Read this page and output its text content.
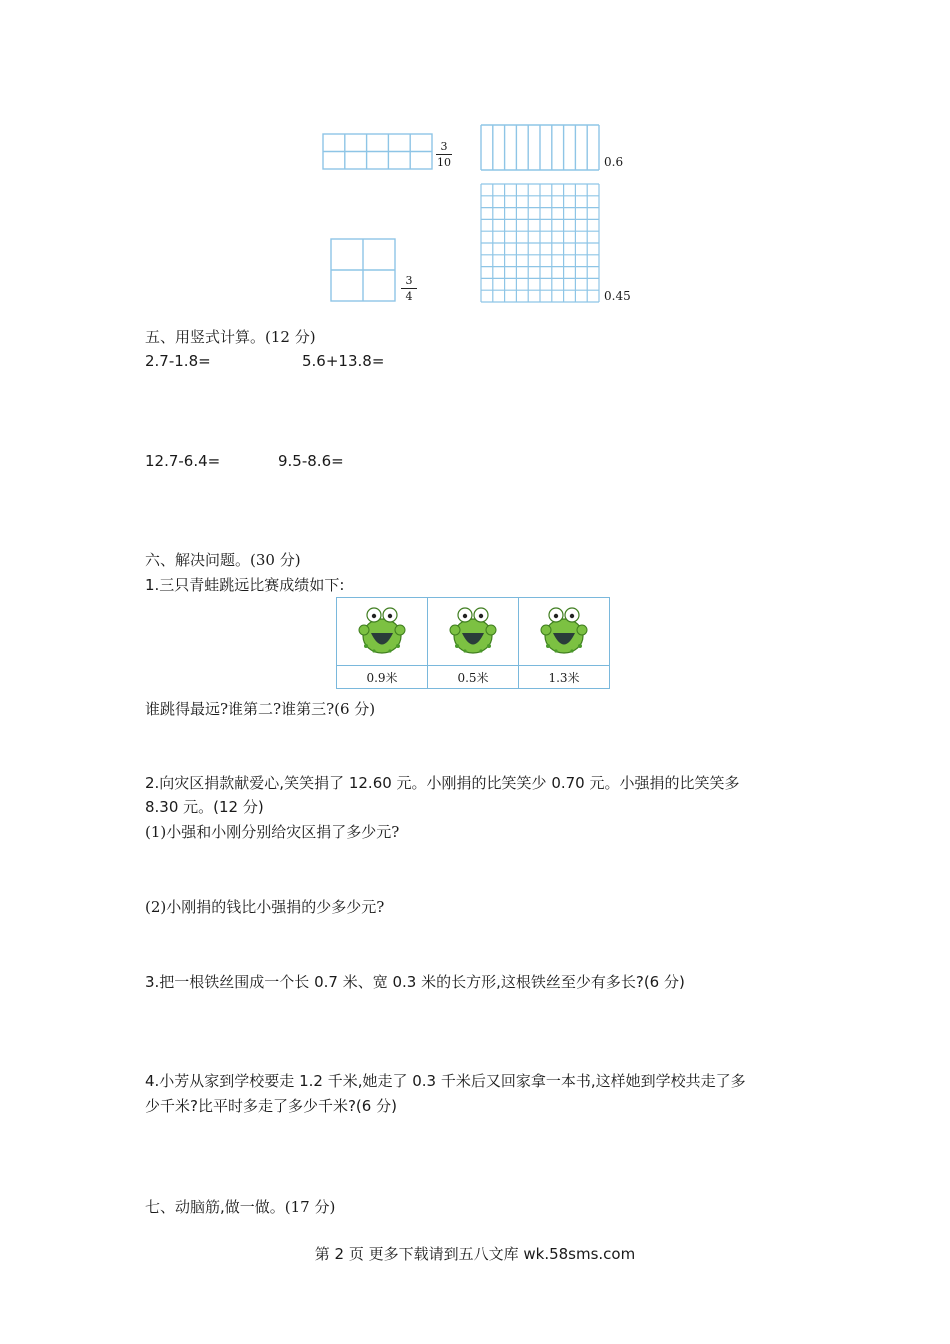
3
10	0.6
3
4	0.45
五、用竖式计算。(12 分)
2.7-1.8=	5.6+13.8=
12.7-6.4=	9.5-8.6=
六、解决问题。(30 分)
1.三只青蛙跳远比赛成绩如下:

0.9米	0.5米	1.3米
谁跳得最远?谁第二?谁第三?(6 分)
2.向灾区捐款献爱心,笑笑捐了 12.60 元。小刚捐的比笑笑少 0.70 元。小强捐的比笑笑多
8.30 元。(12 分)
(1)小强和小刚分别给灾区捐了多少元?
(2)小刚捐的钱比小强捐的少多少元?
3.把一根铁丝围成一个长 0.7 米、宽 0.3 米的长方形,这根铁丝至少有多长?(6 分)
4.小芳从家到学校要走 1.2 千米,她走了 0.3 千米后又回家拿一本书,这样她到学校共走了多
少千米?比平时多走了多少千米?(6 分)
七、动脑筋,做一做。(17 分)
第 2 页 更多下载请到五八文库 wk.58sms.com
